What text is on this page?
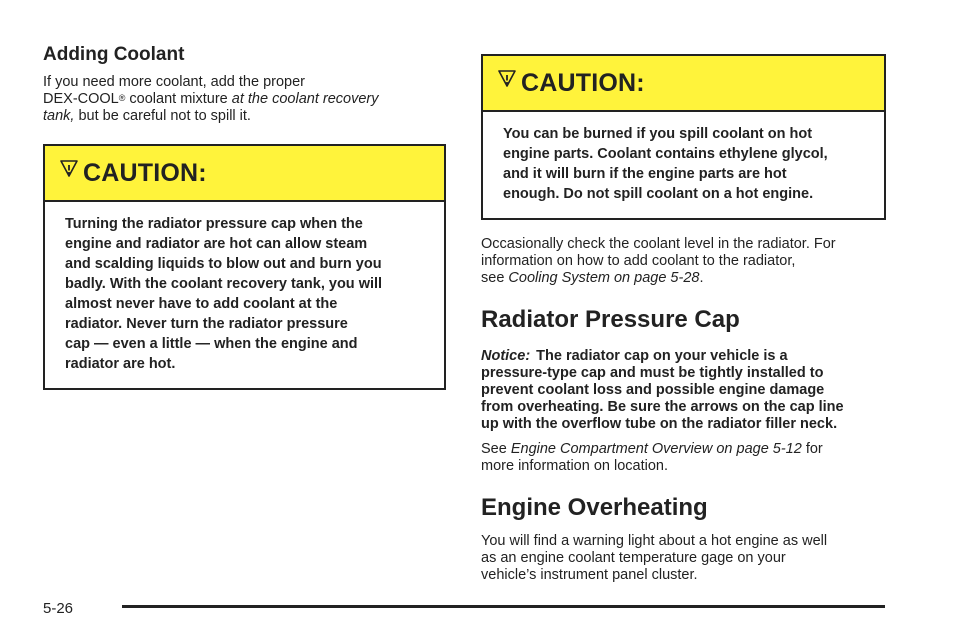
Adding Coolant

If you need more coolant, add the proper
DEX-COOL® coolant mixture at the coolant recovery
tank, but be careful not to spill it.

CAUTION:
Turning the radiator pressure cap when the
engine and radiator are hot can allow steam
and scalding liquids to blow out and burn you
badly. With the coolant recovery tank, you will
almost never have to add coolant at the
radiator. Never turn the radiator pressure
cap — even a little — when the engine and
radiator are hot.
CAUTION:
You can be burned if you spill coolant on hot
engine parts. Coolant contains ethylene glycol,
and it will burn if the engine parts are hot
enough. Do not spill coolant on a hot engine.

Occasionally check the coolant level in the radiator. For
information on how to add coolant to the radiator,
see Cooling System on page 5-28.

Radiator Pressure Cap

Notice: The radiator cap on your vehicle is a
pressure-type cap and must be tightly installed to
prevent coolant loss and possible engine damage
from overheating. Be sure the arrows on the cap line
up with the overflow tube on the radiator filler neck.

See Engine Compartment Overview on page 5-12 for
more information on location.

Engine Overheating

You will find a warning light about a hot engine as well
as an engine coolant temperature gage on your
vehicle’s instrument panel cluster.

5-26
